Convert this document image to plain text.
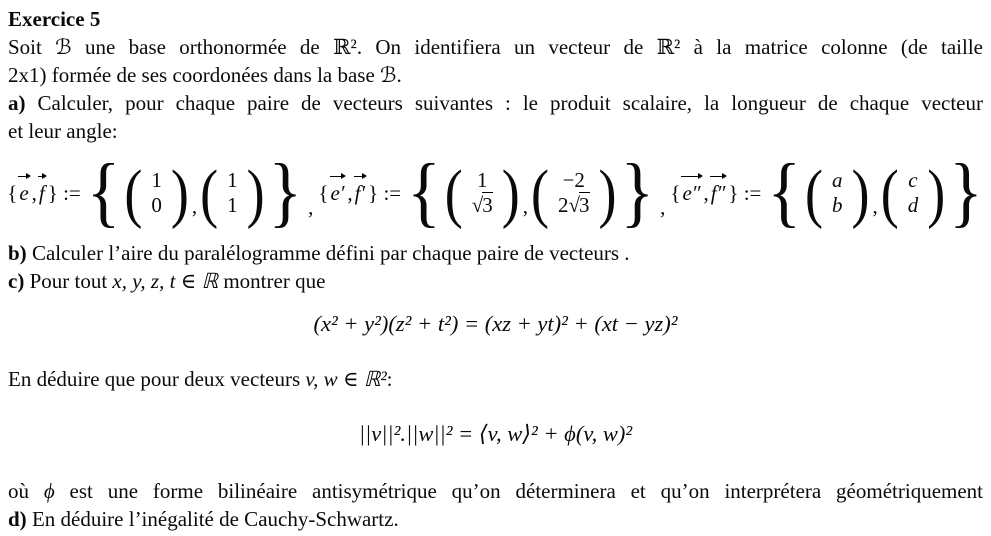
Exercice 5
Soit ℬ une base orthonormée de ℝ². On identifiera un vecteur de ℝ² à la matrice colonne (de taille
2x1) formée de ses coordonées dans la base ℬ.
a) Calculer, pour chaque paire de vecteurs suivantes : le produit scalaire, la longueur de chaque vecteur
et leur angle:
{ e , f } := { ( 1
0 ) , ( 1
1 ) } ,
{ e′ , f′ } := { ( 1
√3 ) , ( −2
2√3 ) } ,
{ e″ , f″ } := { ( a
b ) , ( c
d ) }
b) Calculer l’aire du paralélogramme défini par chaque paire de vecteurs .
c) Pour tout x, y, z, t ∈ ℝ montrer que
(x² + y²)(z² + t²) = (xz + yt)² + (xt − yz)²
En déduire que pour deux vecteurs v, w ∈ ℝ²:
||v||².||w||² = ⟨v, w⟩² + ϕ(v, w)²
où ϕ est une forme bilinéaire antisymétrique qu’on déterminera et qu’on interprétera géométriquement
d) En déduire l’inégalité de Cauchy-Schwartz.
